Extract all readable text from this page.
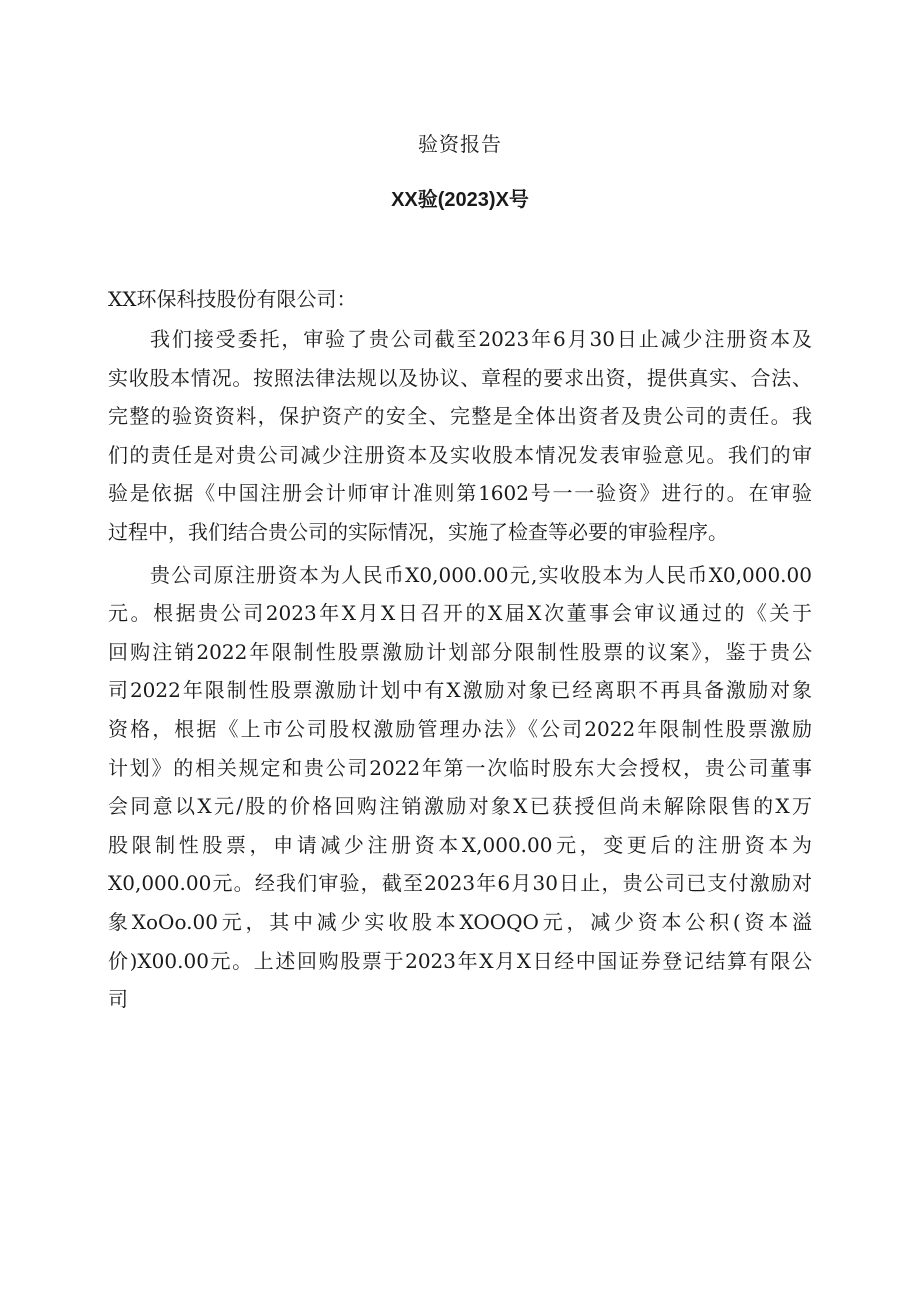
验资报告
XX验(2023)X号
XX环保科技股份有限公司：
我们接受委托，审验了贵公司截至2023年6月30日止减少注册资本及
实收股本情况。按照法律法规以及协议、章程的要求出资，提供真实、合法、
完整的验资资料，保护资产的安全、完整是全体出资者及贵公司的责任。我
们的责任是对贵公司减少注册资本及实收股本情况发表审验意见。我们的审
验是依据《中国注册会计师审计准则第1602号一一验资》进行的。在审验
过程中，我们结合贵公司的实际情况，实施了检查等必要的审验程序。
贵公司原注册资本为人民币X0,000.00元,实收股本为人民币X0,000.00
元。根据贵公司2023年X月X日召开的X届X次董事会审议通过的《关于
回购注销2022年限制性股票激励计划部分限制性股票的议案》，鉴于贵公
司2022年限制性股票激励计划中有X激励对象已经离职不再具备激励对象
资格，根据《上市公司股权激励管理办法》《公司2022年限制性股票激励
计划》的相关规定和贵公司2022年第一次临时股东大会授权，贵公司董事
会同意以X元/股的价格回购注销激励对象X已获授但尚未解除限售的X万
股限制性股票，申请减少注册资本X,000.00元，变更后的注册资本为
X0,000.00元。经我们审验，截至2023年6月30日止，贵公司已支付激励对
象XoOo.00元，其中减少实收股本XOOQO元，减少资本公积(资本溢
价)X00.00元。上述回购股票于2023年X月X日经中国证券登记结算有限公
司
